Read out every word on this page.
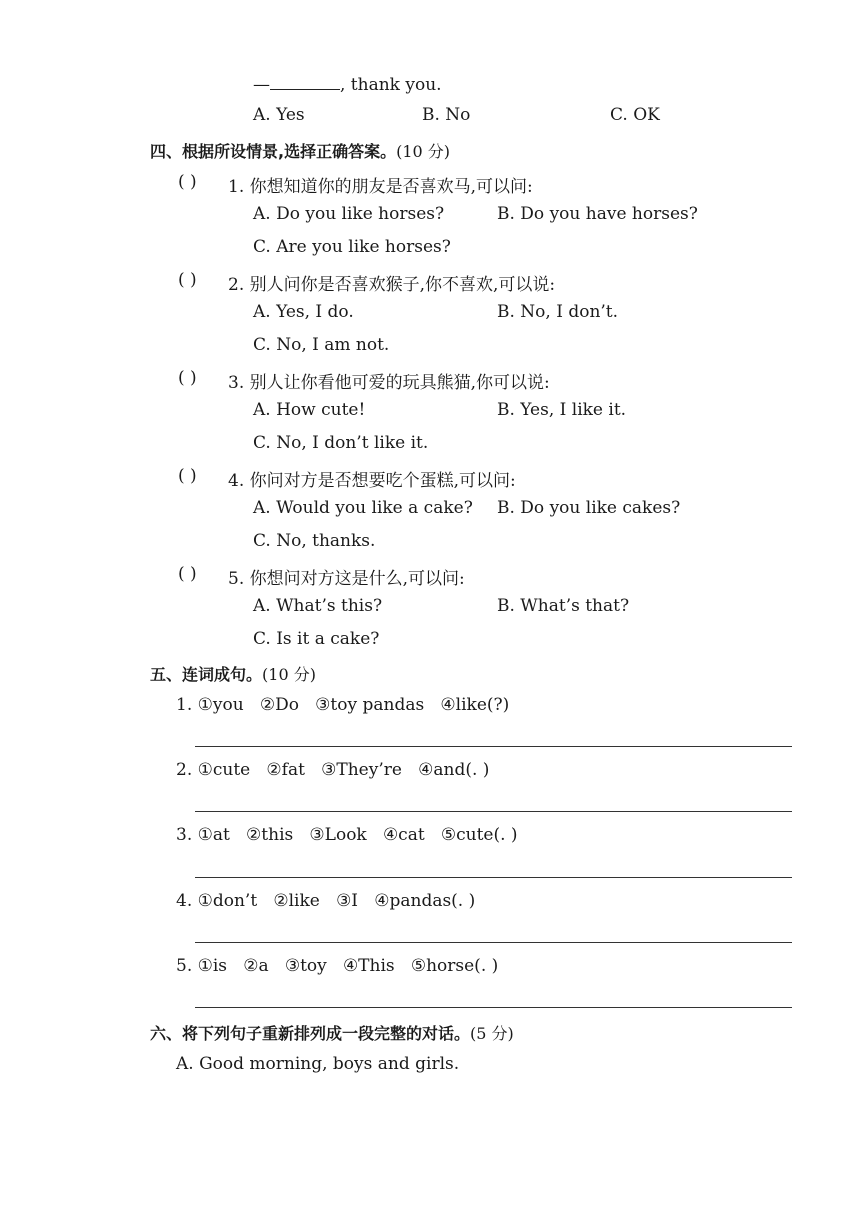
—	, thank you.
A. Yes	B. No	C. OK
四、根据所设情景,选择正确答案。(10 分)
( ) 1. 你想知道你的朋友是否喜欢马,可以问:
A. Do you like horses?	B. Do you have horses?
C. Are you like horses?
( ) 2. 别人问你是否喜欢猴子,你不喜欢,可以说:
A. Yes, I do.	B. No, I don’t.
C. No, I am not.
( ) 3. 别人让你看他可爱的玩具熊猫,你可以说:
A. How cute!	B. Yes, I like it.
C. No, I don’t like it.
( ) 4. 你问对方是否想要吃个蛋糕,可以问:
A. Would you like a cake? B. Do you like cakes?
C. No, thanks.
( ) 5. 你想问对方这是什么,可以问:
A. What’s this?	B. What’s that?
C. Is it a cake?
五、连词成句。(10 分)
1. ①you   ②Do   ③toy pandas   ④like(?)
2. ①cute   ②fat   ③They’re   ④and(. )
3. ①at   ②this   ③Look   ④cat   ⑤cute(. )
4. ①don’t   ②like   ③I   ④pandas(. )
5. ①is   ②a   ③toy   ④This   ⑤horse(. )
六、将下列句子重新排列成一段完整的对话。(5 分)
A. Good morning, boys and girls.
